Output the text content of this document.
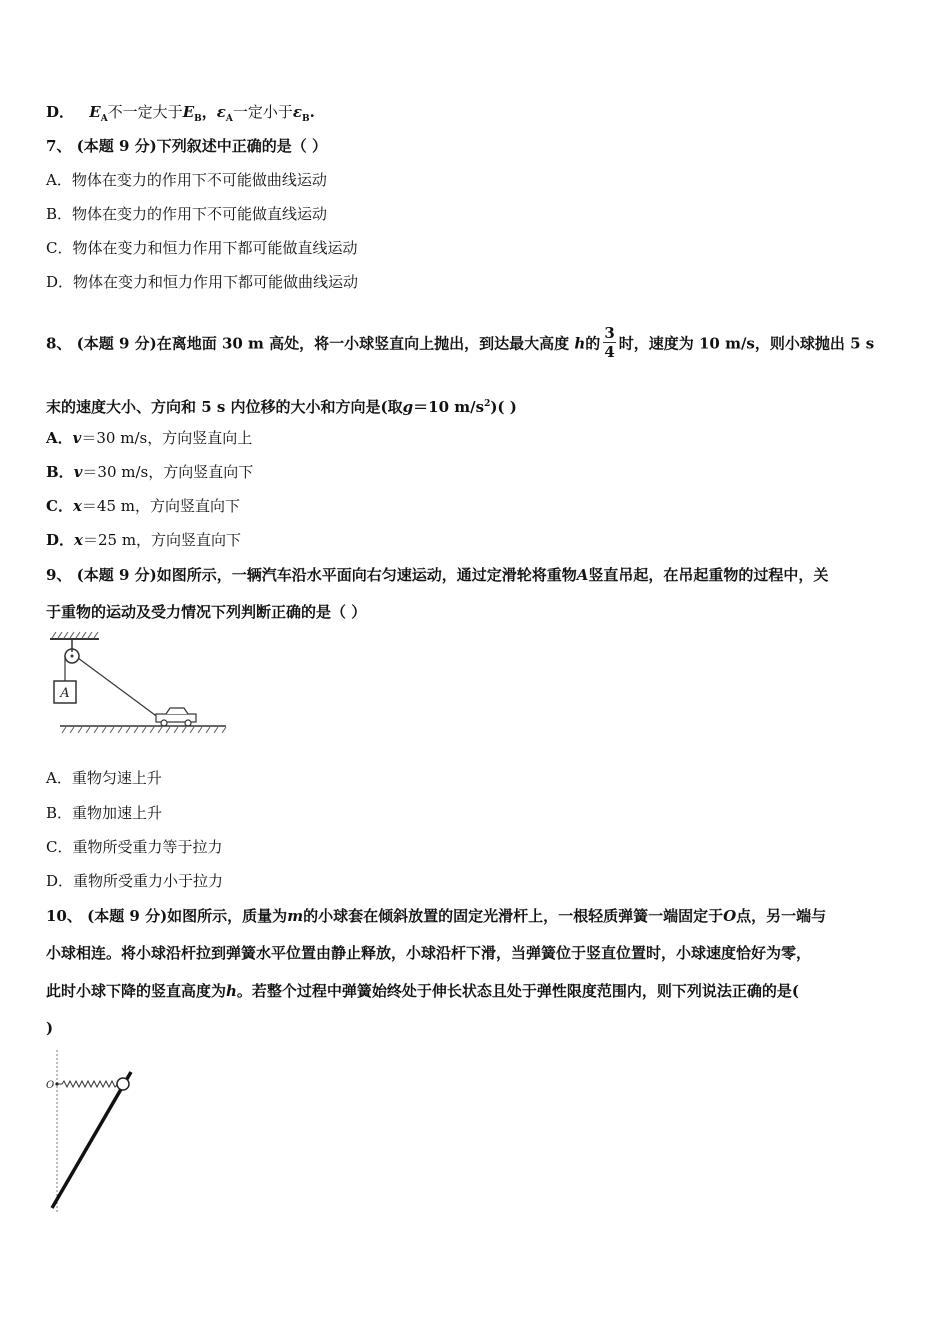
D． $E_A$不一定大于$E_B$，$\varepsilon_A$一定小于$\varepsilon_B$.
7、 (本题 9 分)下列叙述中正确的是（ ）
A．物体在变力的作用下不可能做曲线运动
B．物体在变力的作用下不可能做直线运动
C．物体在变力和恒力作用下都可能做直线运动
D．物体在变力和恒力作用下都可能做曲线运动
8、 (本题 9 分)在离地面 30 m 高处，将一小球竖直向上抛出，到达最大高度 h的 $\frac{3}{4}$ 时，速度为 10 m/s，则小球抛出 5 s
末的速度大小、方向和 5 s 内位移的大小和方向是(取g＝10 $m/s^2$)( )
A．v＝30 m/s，方向竖直向上
B．v＝30 m/s，方向竖直向下
C．x＝45 m，方向竖直向下
D．x＝25 m，方向竖直向下
9、 (本题 9 分)如图所示，一辆汽车沿水平面向右匀速运动，通过定滑轮将重物A竖直吊起，在吊起重物的过程中，关
于重物的运动及受力情况下列判断正确的是（ ）
A
A．重物匀速上升
B．重物加速上升
C．重物所受重力等于拉力
D．重物所受重力小于拉力
10、 (本题 9 分)如图所示，质量为m的小球套在倾斜放置的固定光滑杆上，一根轻质弹簧一端固定于O点，另一端与
小球相连。将小球沿杆拉到弹簧水平位置由静止释放，小球沿杆下滑，当弹簧位于竖直位置时，小球速度恰好为零，
此时小球下降的竖直高度为h。若整个过程中弹簧始终处于伸长状态且处于弹性限度范围内，则下列说法正确的是(
)
O
